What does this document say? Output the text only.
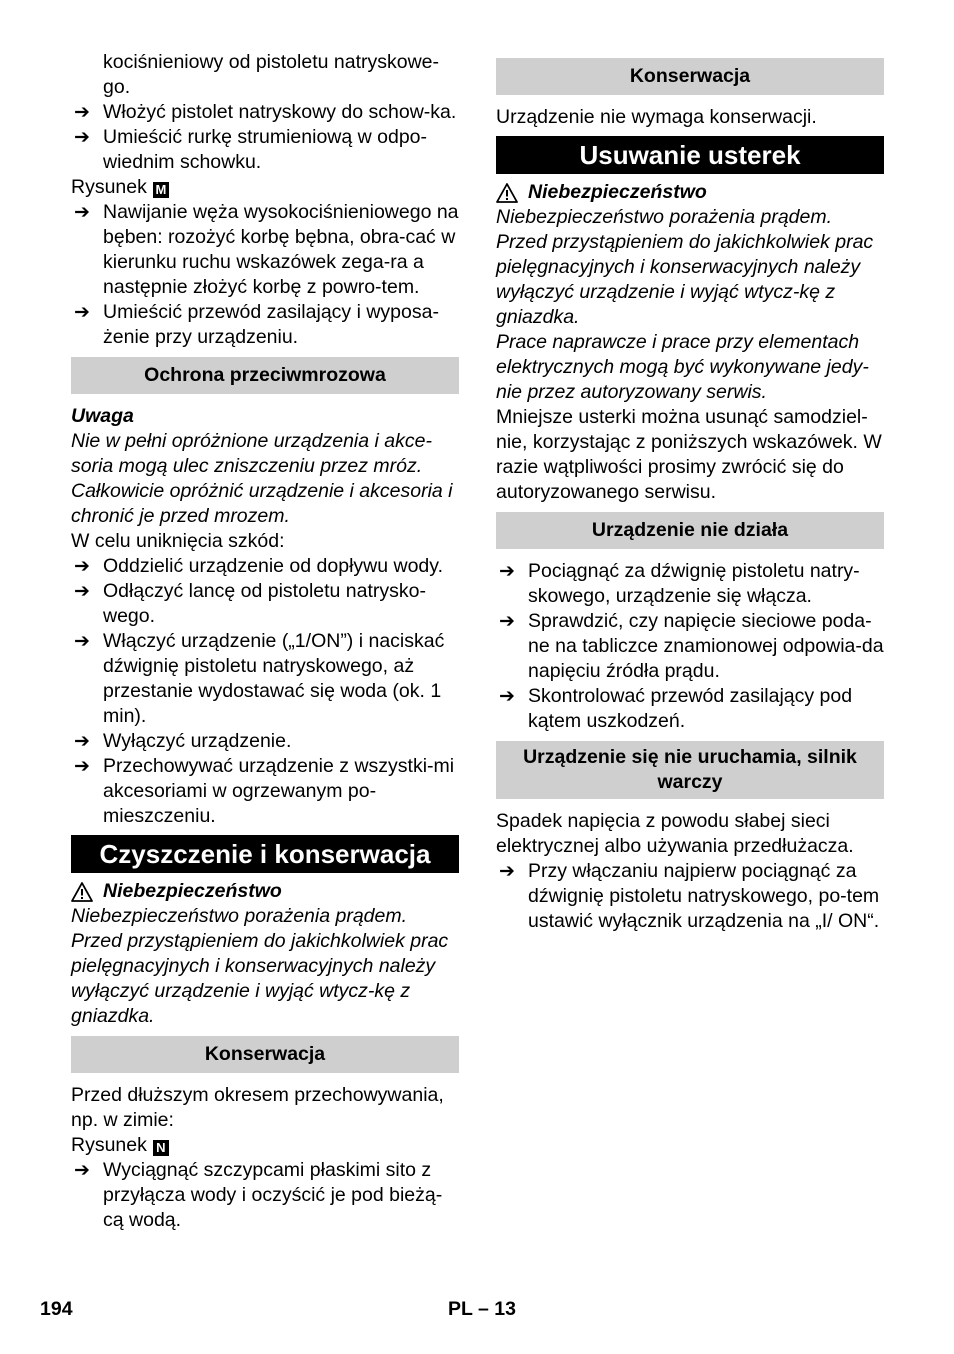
kociśnieniowy od pistoletu natryskowe-
go.

➔ Włożyć pistolet natryskowy do schow-ka.

➔ Umieścić rurkę strumieniową w odpo-wiednim schowku.

Rysunek M

➔ Nawijanie węża wysokociśnieniowego na bęben: rozożyć korbę bębna, obra-cać w kierunku ruchu wskazówek zega-ra a następnie złożyć korbę z powro-tem.

➔ Umieścić przewód zasilający i wyposa-żenie przy urządzeniu.

Ochrona przeciwmrozowa

Uwaga

Nie w pełni opróżnione urządzenia i akce-soria mogą ulec zniszczeniu przez mróz. Całkowicie opróżnić urządzenie i akcesoria i chronić je przed mrozem.

W celu uniknięcia szkód:

➔ Oddzielić urządzenie od dopływu wody.

➔ Odłączyć lancę od pistoletu natrysko-wego.

➔ Włączyć urządzenie („1/ON”) i naciskać dźwignię pistoletu natryskowego, aż przestanie wydostawać się woda (ok. 1 min).

➔ Wyłączyć urządzenie.

➔ Przechowywać urządzenie z wszystki-mi akcesoriami w ogrzewanym po-mieszczeniu.

Czyszczenie i konserwacja
Niebezpieczeństwo

Niebezpieczeństwo porażenia prądem. Przed przystąpieniem do jakichkolwiek prac pielęgnacyjnych i konserwacyjnych należy wyłączyć urządzenie i wyjąć wtycz-kę z gniazdka.

Konserwacja

Przed dłuższym okresem przechowywania, np. w zimie:

Rysunek N

➔ Wyciągnąć szczypcami płaskimi sito z przyłącza wody i oczyścić je pod bieżą-cą wodą.

Konserwacja

Urządzenie nie wymaga konserwacji.

Usuwanie usterek
Niebezpieczeństwo

Niebezpieczeństwo porażenia prądem. Przed przystąpieniem do jakichkolwiek prac pielęgnacyjnych i konserwacyjnych należy wyłączyć urządzenie i wyjąć wtycz-kę z gniazdka.

Prace naprawcze i prace przy elementach elektrycznych mogą być wykonywane jedy-nie przez autoryzowany serwis.

Mniejsze usterki można usunąć samodziel-nie, korzystając z poniższych wskazówek. W razie wątpliwości prosimy zwrócić się do autoryzowanego serwisu.

Urządzenie nie działa

➔ Pociągnąć za dźwignię pistoletu natry-skowego, urządzenie się włącza.

➔ Sprawdzić, czy napięcie sieciowe poda-ne na tabliczce znamionowej odpowia-da napięciu źródła prądu.

➔ Skontrolować przewód zasilający pod kątem uszkodzeń.

Urządzenie się nie uruchamia, silnik warczy

Spadek napięcia z powodu słabej sieci elektrycznej albo używania przedłużacza.

➔ Przy włączaniu najpierw pociągnąć za dźwignię pistoletu natryskowego, po-tem ustawić wyłącznik urządzenia na „I/ ON“.

194	PL – 13
